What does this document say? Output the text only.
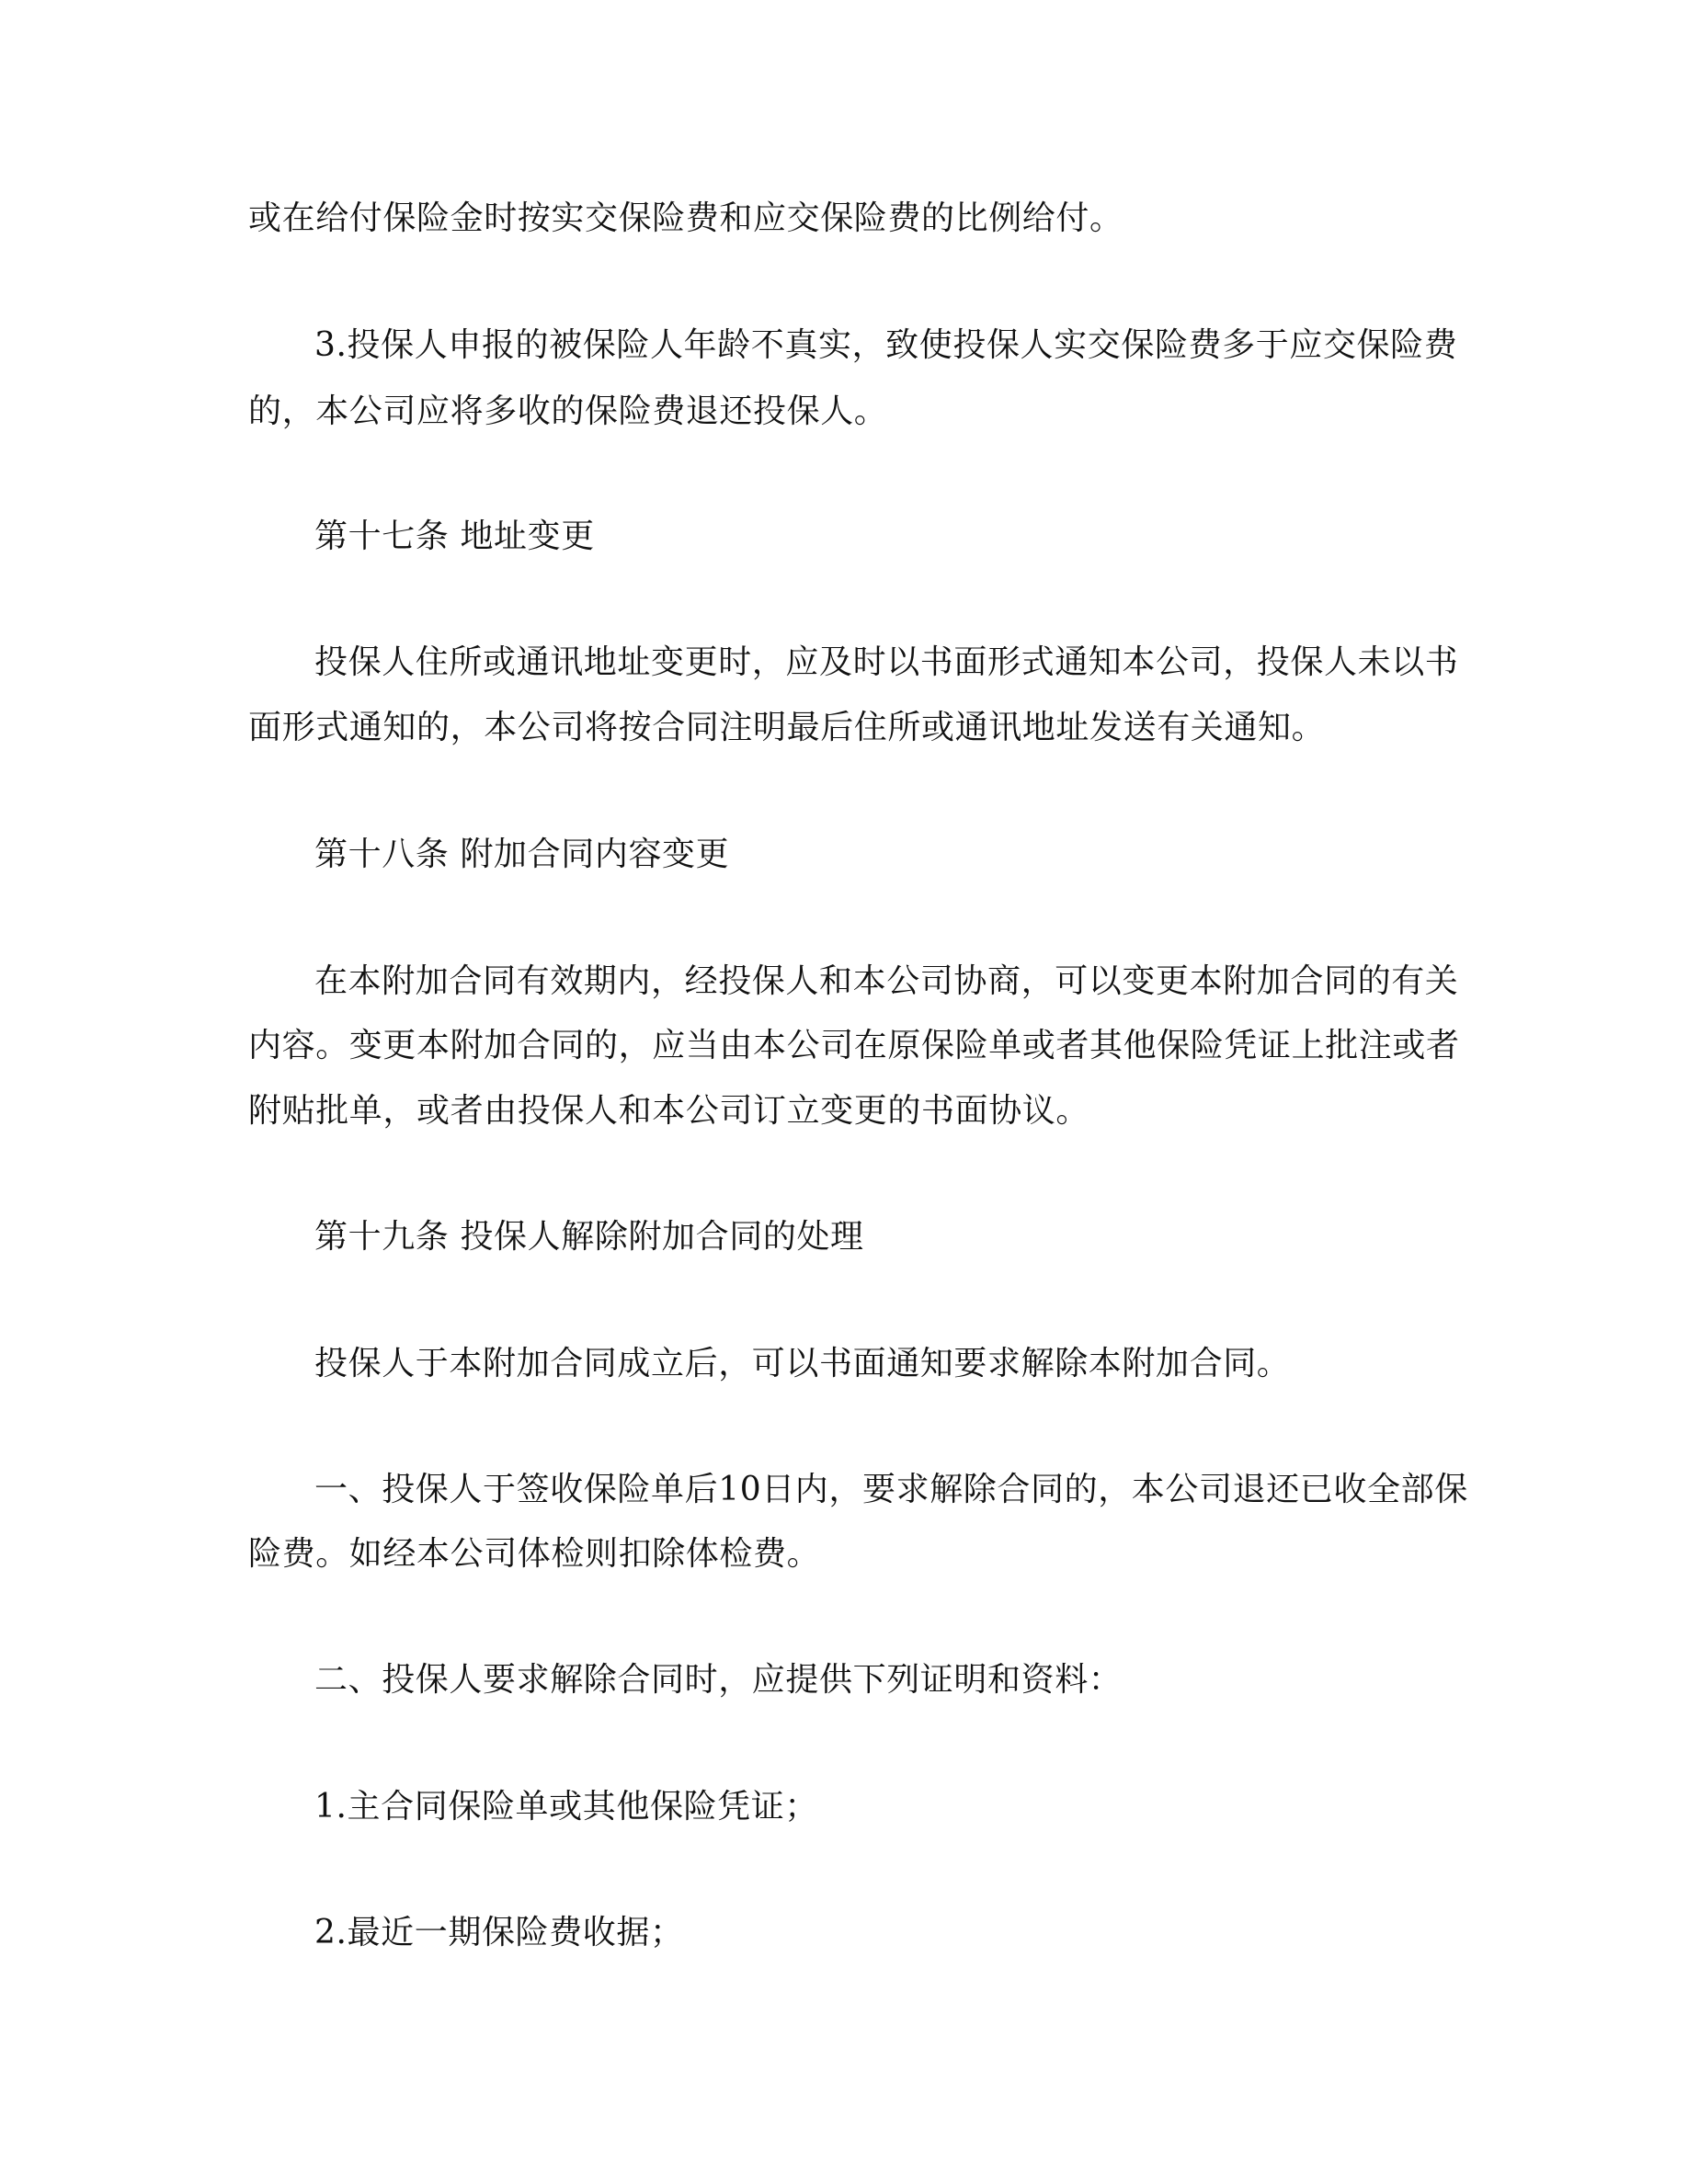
或在给付保险金时按实交保险费和应交保险费的比例给付。
3.投保人申报的被保险人年龄不真实，致使投保人实交保险费多于应交保险费
的，本公司应将多收的保险费退还投保人。
第十七条 地址变更
投保人住所或通讯地址变更时，应及时以书面形式通知本公司，投保人未以书
面形式通知的，本公司将按合同注明最后住所或通讯地址发送有关通知。
第十八条 附加合同内容变更
在本附加合同有效期内，经投保人和本公司协商，可以变更本附加合同的有关
内容。变更本附加合同的，应当由本公司在原保险单或者其他保险凭证上批注或者
附贴批单，或者由投保人和本公司订立变更的书面协议。
第十九条 投保人解除附加合同的处理
投保人于本附加合同成立后，可以书面通知要求解除本附加合同。
一、投保人于签收保险单后10日内，要求解除合同的，本公司退还已收全部保
险费。如经本公司体检则扣除体检费。
二、投保人要求解除合同时，应提供下列证明和资料：
1.主合同保险单或其他保险凭证；
2.最近一期保险费收据；
